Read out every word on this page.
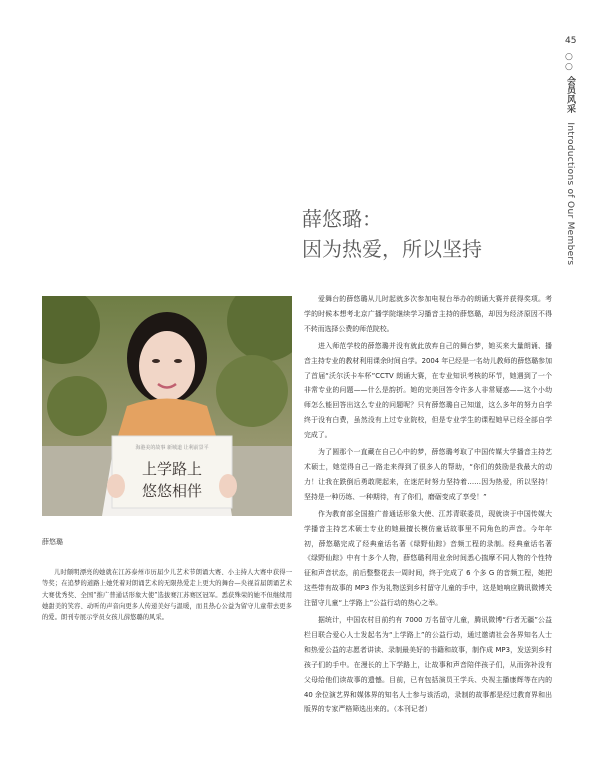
45
○
○
会员风采 Introductions of Our Members
薛悠璐：
因为热爱，所以坚持
海港美的故事 新城道 让利前景平
上学路上
悠悠相伴
薛悠璐
儿时颇明漂亮的她就在江苏泰州市历届少儿艺术节朗诵大赛、小主持人大赛中获得一等奖；在追梦的道路上她凭着对朗诵艺术的无限热爱走上更大的舞台—央视首届朗诵艺术大赛优秀奖、全国“推广普通话形象大使”选拔赛江苏赛区冠军。悉获殊荣的她不但继续用她甜美的笑容、动听的声音向更多人传递美好与温暖，而且热心公益为留守儿童带去更多的爱。朗刊专展示学员女孩儿薛悠璐的风采。

爱舞台的薛悠璐从儿时起就多次参加电视台举办的朗诵大赛并获得奖项。考学的时候本想考北京广播学院继续学习播音主持的薛悠璐，却因为经济原因不得不转而选择公费的师范院校。

进入师范学校的薛悠璐并没有就此放弃自己的舞台梦，她买来大量朗诵、播音主持专业的教材利用课余时间自学。2004 年已经是一名幼儿教师的薛悠璐参加了首届“沃尔沃卡车杯”CCTV 朗诵大赛，在专业知识考核的环节，她遇到了一个非常专业的问题——什么是韵折。她的完美回答令许多人非常疑惑——这个小幼师怎么能回答出这么专业的问题呢？只有薛悠璐自己知道，这么多年的努力自学终于没有白费，虽然没有上过专业院校，但是专业学生的课程她早已经全部自学完成了。

为了圆那个一直藏在自己心中的梦，薛悠璐考取了中国传媒大学播音主持艺术硕士，她觉得自己一路走来得到了很多人的帮助，“你们的鼓励是我最大的动力！让我在跌倒后勇敢爬起来，在迷茫时努力坚持着……因为热爱，所以坚持！坚持是一种历练、一种期待，有了你们，磨砺变成了享受！”

作为教育部全国推广普通话形象大使、江苏青联委员，现就读于中国传媒大学播音主持艺术硕士专业的她最擅长模仿童话故事里不同角色的声音。今年年初，薛悠璐完成了经典童话名著《绿野仙踪》音频工程的录制。经典童话名著《绿野仙踪》中有十多个人物，薛悠璐利用业余时间悉心揣摩不同人物的个性特征和声音状态，前后整整花去一周时间，终于完成了 6 个多 G 的音频工程，她把这些带有故事的 MP3 作为礼物送到乡村留守儿童的手中，这是她响应腾讯微博关注留守儿童“上学路上”公益行动的热心之举。

据统计，中国农村目前约有 7000 万名留守儿童，腾讯微博“行者无疆”公益栏目联合爱心人士发起名为“上学路上”的公益行动，通过邀请社会各界知名人士和热爱公益的志愿者讲读、录制最美好的书籍和故事，制作成 MP3，发送到乡村孩子们的手中。在漫长的上下学路上，让故事和声音陪伴孩子们，从而弥补没有父母给他们读故事的遗憾。目前，已有包括演员王学兵、央视主播康辉等在内的 40 余位演艺界和媒体界的知名人士参与该活动，录制的故事都是经过教育界和出版界的专家严格筛选出来的。（本刊记者）
